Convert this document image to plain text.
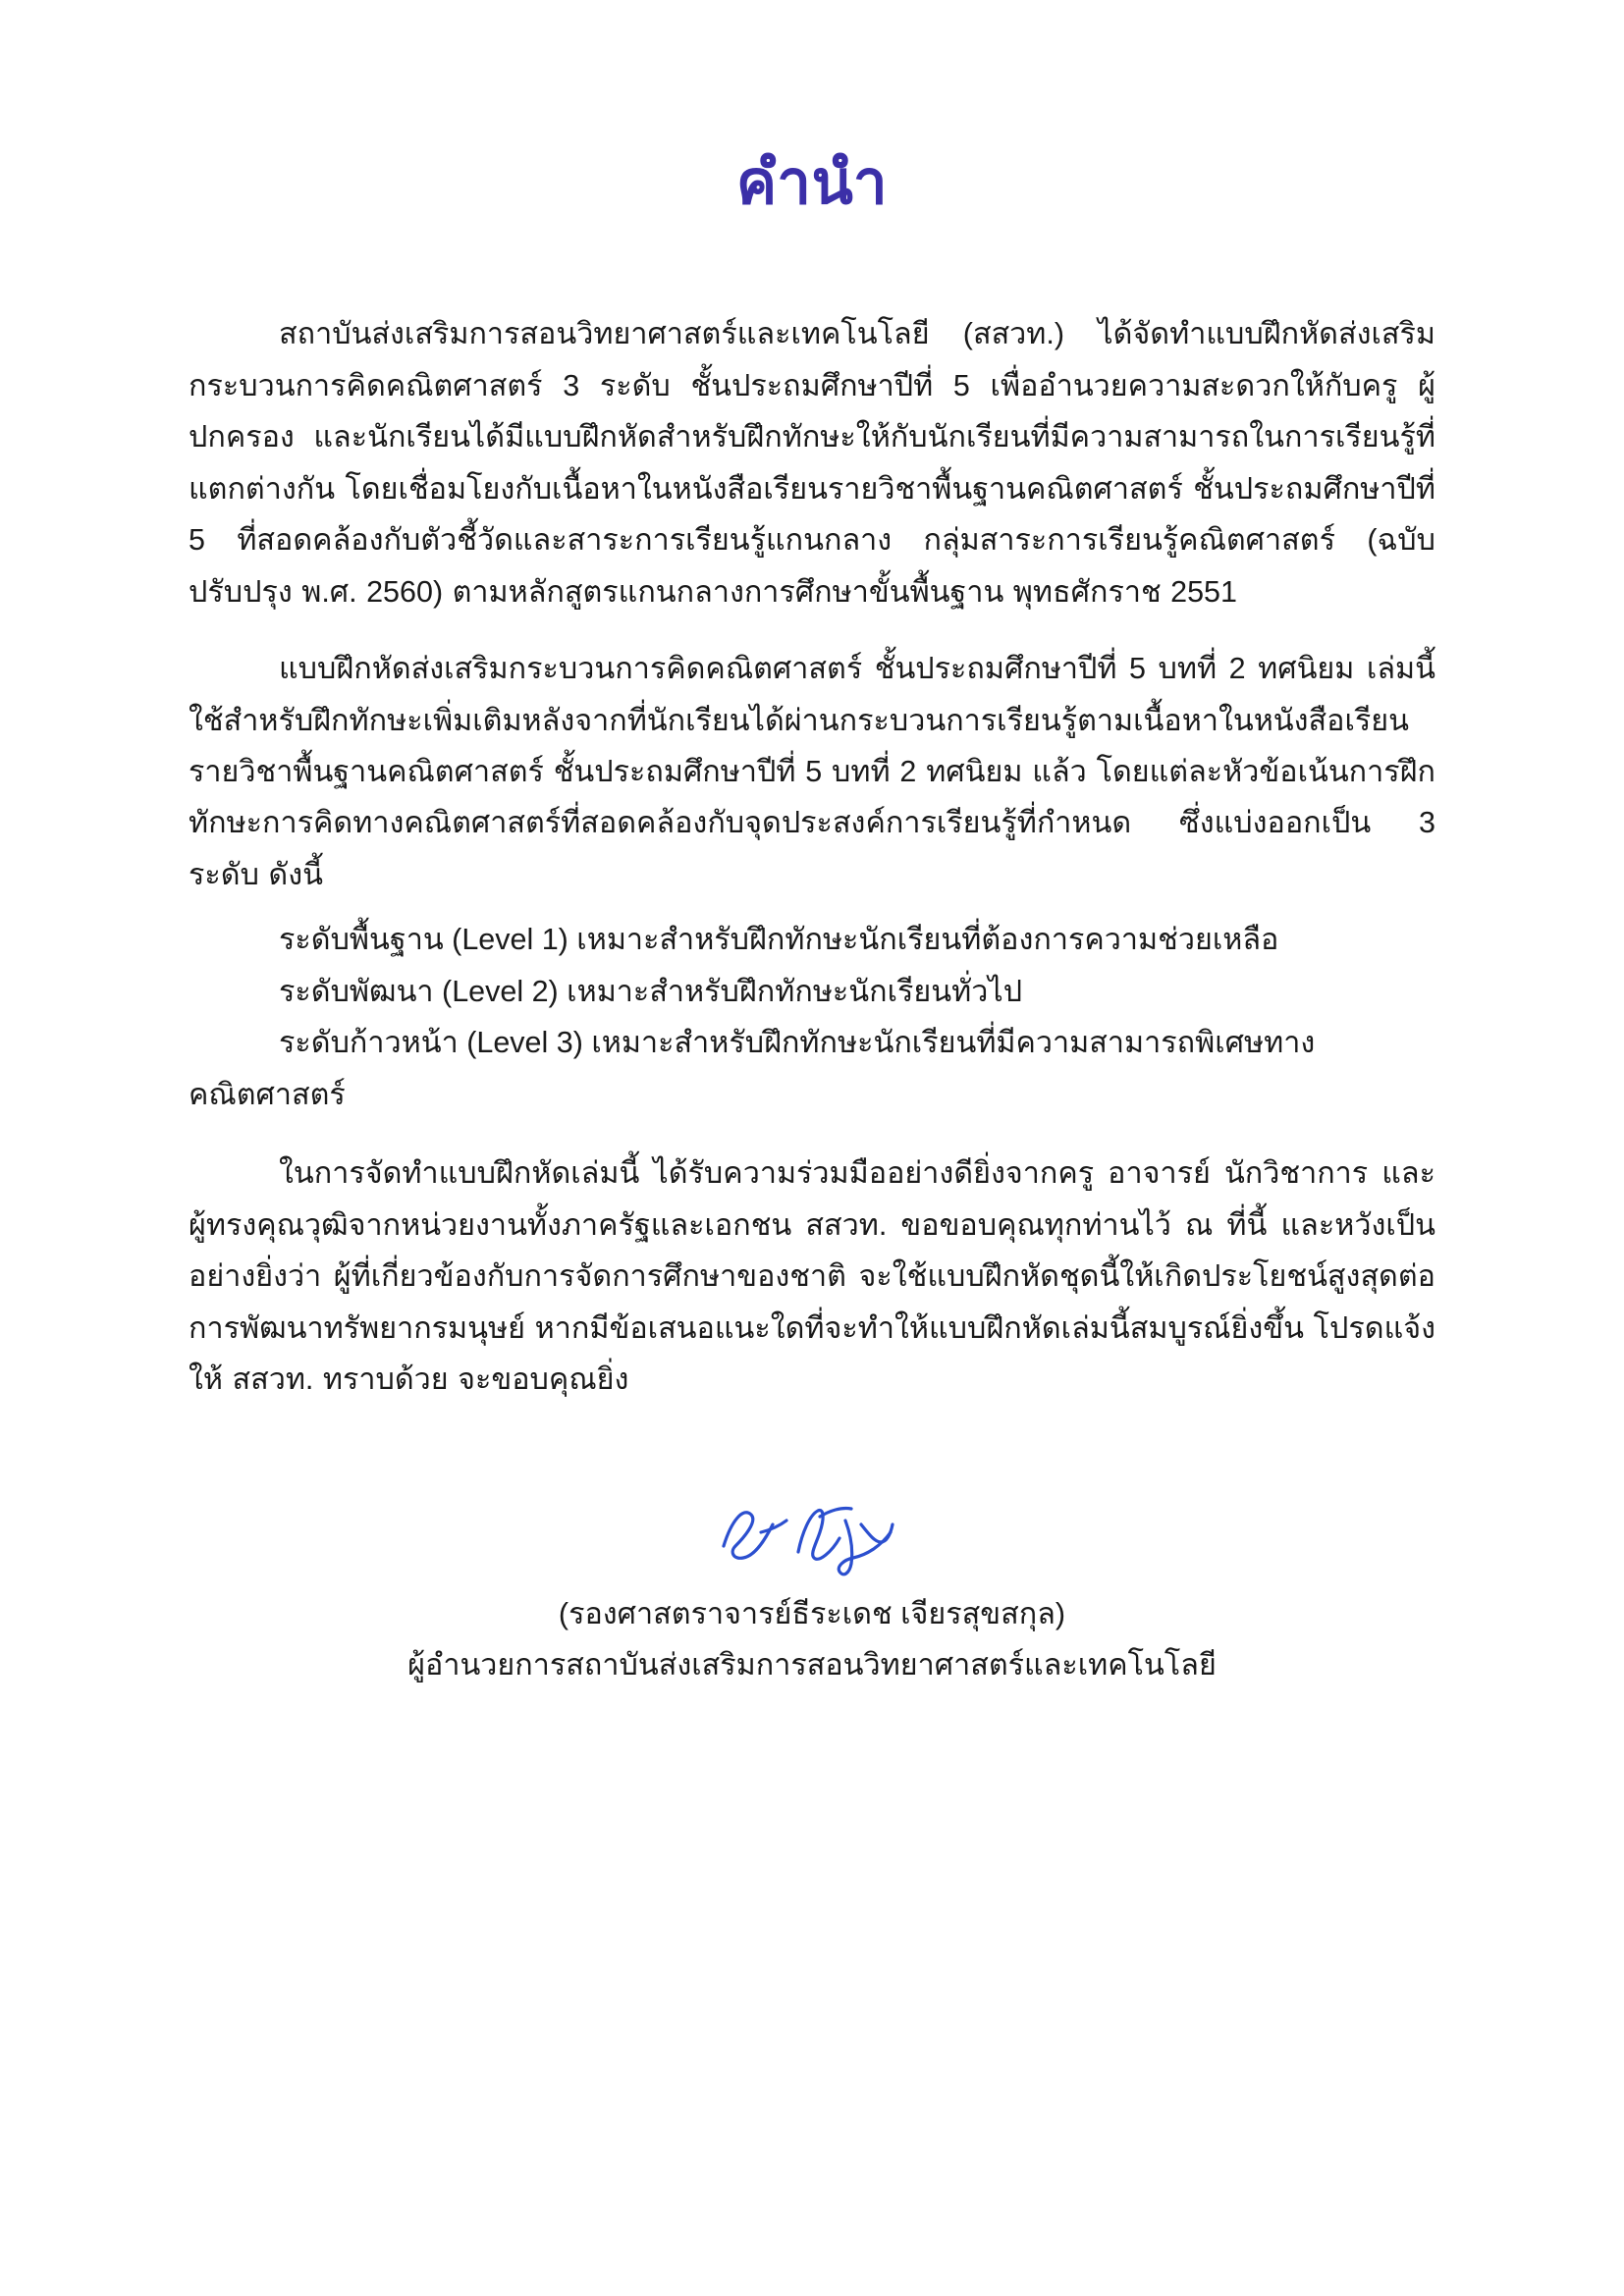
คำนำ

สถาบันส่งเสริมการสอนวิทยาศาสตร์และเทคโนโลยี (สสวท.) ได้จัดทำแบบฝึกหัดส่งเสริมกระบวนการคิดคณิตศาสตร์ 3 ระดับ ชั้นประถมศึกษาปีที่ 5 เพื่ออำนวยความสะดวกให้กับครู ผู้ปกครอง และนักเรียนได้มีแบบฝึกหัดสำหรับฝึกทักษะให้กับนักเรียนที่มีความสามารถในการเรียนรู้ที่แตกต่างกัน โดยเชื่อมโยงกับเนื้อหาในหนังสือเรียนรายวิชาพื้นฐานคณิตศาสตร์ ชั้นประถมศึกษาปีที่ 5 ที่สอดคล้องกับตัวชี้วัดและสาระการเรียนรู้แกนกลาง กลุ่มสาระการเรียนรู้คณิตศาสตร์ (ฉบับปรับปรุง พ.ศ. 2560) ตามหลักสูตรแกนกลางการศึกษาขั้นพื้นฐาน พุทธศักราช 2551

แบบฝึกหัดส่งเสริมกระบวนการคิดคณิตศาสตร์ ชั้นประถมศึกษาปีที่ 5 บทที่ 2 ทศนิยม เล่มนี้ ใช้สำหรับฝึกทักษะเพิ่มเติมหลังจากที่นักเรียนได้ผ่านกระบวนการเรียนรู้ตามเนื้อหาในหนังสือเรียนรายวิชาพื้นฐานคณิตศาสตร์ ชั้นประถมศึกษาปีที่ 5 บทที่ 2 ทศนิยม แล้ว โดยแต่ละหัวข้อเน้นการฝึกทักษะการคิดทางคณิตศาสตร์ที่สอดคล้องกับจุดประสงค์การเรียนรู้ที่กำหนด ซึ่งแบ่งออกเป็น 3 ระดับ ดังนี้

ระดับพื้นฐาน (Level 1) เหมาะสำหรับฝึกทักษะนักเรียนที่ต้องการความช่วยเหลือ

ระดับพัฒนา (Level 2) เหมาะสำหรับฝึกทักษะนักเรียนทั่วไป

ระดับก้าวหน้า (Level 3) เหมาะสำหรับฝึกทักษะนักเรียนที่มีความสามารถพิเศษทางคณิตศาสตร์

ในการจัดทำแบบฝึกหัดเล่มนี้ ได้รับความร่วมมืออย่างดียิ่งจากครู อาจารย์ นักวิชาการ และผู้ทรงคุณวุฒิจากหน่วยงานทั้งภาครัฐและเอกชน สสวท. ขอขอบคุณทุกท่านไว้ ณ ที่นี้ และหวังเป็นอย่างยิ่งว่า ผู้ที่เกี่ยวข้องกับการจัดการศึกษาของชาติ จะใช้แบบฝึกหัดชุดนี้ให้เกิดประโยชน์สูงสุดต่อการพัฒนาทรัพยากรมนุษย์ หากมีข้อเสนอแนะใดที่จะทำให้แบบฝึกหัดเล่มนี้สมบูรณ์ยิ่งขึ้น โปรดแจ้งให้ สสวท. ทราบด้วย จะขอบคุณยิ่ง

(รองศาสตราจารย์ธีระเดช เจียรสุขสกุล)

ผู้อำนวยการสถาบันส่งเสริมการสอนวิทยาศาสตร์และเทคโนโลยี
